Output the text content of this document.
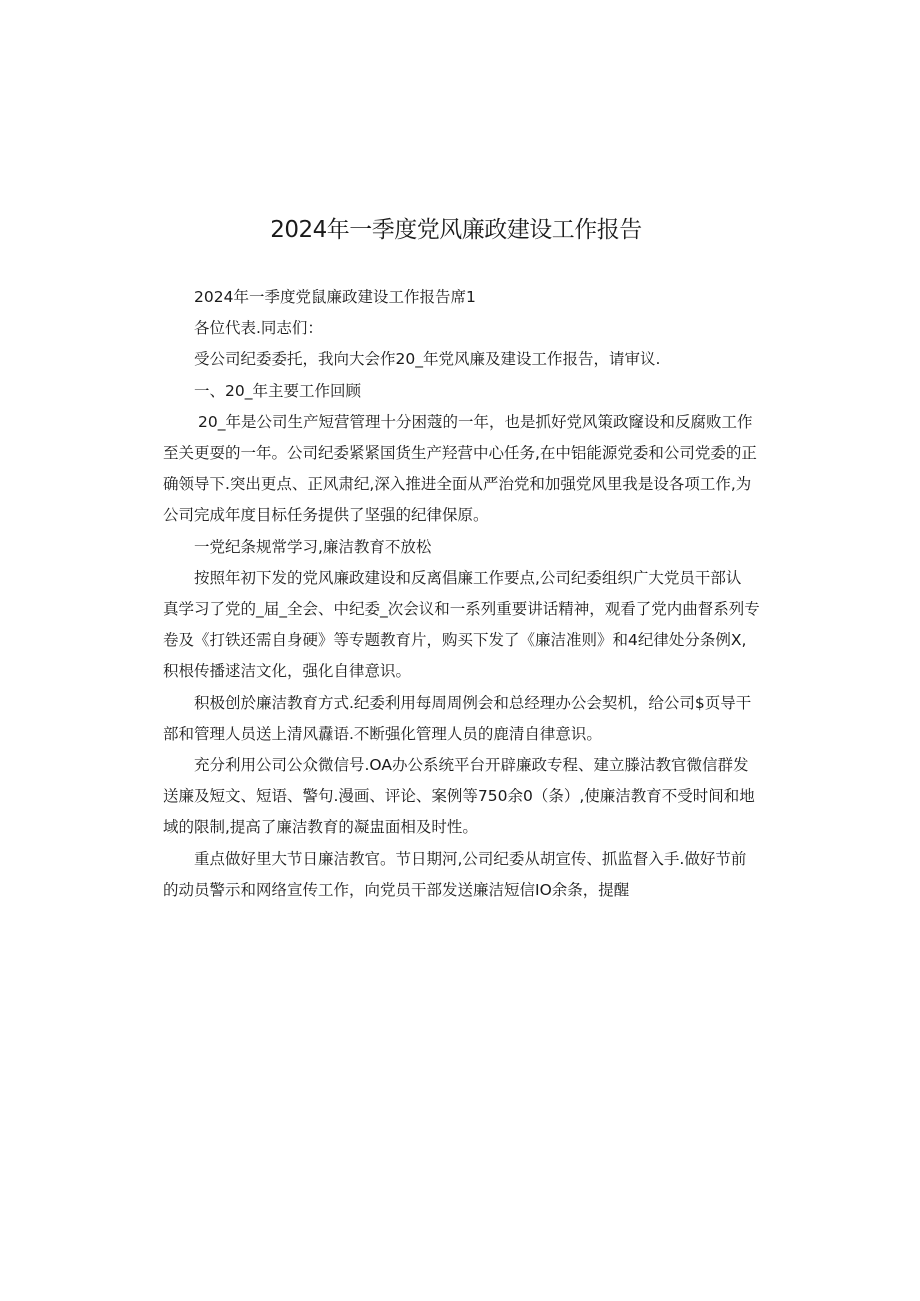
2024年一季度党风廉政建设工作报告

2024年一季度党鼠廉政建设工作报告席1

各位代表.同志们：

受公司纪委委托，我向大会作20_年党风廉及建设工作报告，请审议.

一、20_年主要工作回顾

20_年是公司生产短营管理十分困蔻的一年，也是抓好党风策政窿设和反腐败工作

至关更耍的一年。公司纪委紧紧国货生产羟营中心任务,在中铝能源党委和公司党委的正

确领导下.突出更点、正风肃纪,深入推进全面从严治党和加强党风里我是设各项工作,为

公司完成年度目标任务提供了坚强的纪律保原。

一党纪条规常学习,廉洁教育不放松

按照年初下发的党风廉政建设和反离倡廉工作要点,公司纪委组织广大党员干部认

真学习了党的_届_全会、中纪委_次会议和一系列重要讲话精神，观看了党内曲督系列专

卷及《打铁还需自身硬》等专题教育片，购买下发了《廉洁准则》和4纪律处分条例X,

积根传播逑洁文化，强化自律意识。

积极创於廉洁教育方式.纪委利用每周周例会和总经理办公会契机，给公司$页导干

部和管理人员送上清风纛语.不断强化管理人员的鹿清自律意识。

充分利用公司公众微信号.OA办公系统平台开辟廉政专程、建立滕沽教官微信群发

送廉及短文、短语、警句.漫画、评论、案例等750余0（条）,使廉洁教育不受时间和地

域的限制,提高了廉洁教育的凝盅面相及时性。

重点做好里大节日廉洁教官。节日期河,公司纪委从胡宣传、抓监督入手.做好节前

的动员警示和网络宣传工作，向党员干部发送廉洁短信IO余条，提醒
